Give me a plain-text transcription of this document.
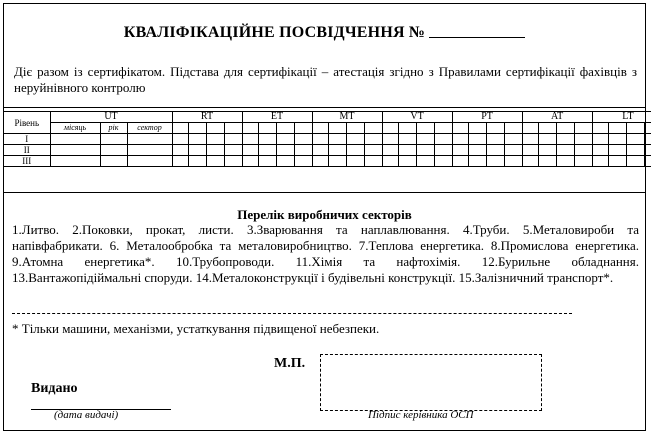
КВАЛІФІКАЦІЙНЕ ПОСВІДЧЕННЯ №
Діє разом із сертифікатом. Підстава для сертифікації – атестація згідно з Правилами сертифікації фахівців з неруйнівного контролю
Рівень	UT			RT				ET				MT				VT				PT				AT				LT			
	місяць	рік	сектор																												
I																															
II																															
III																															
Перелік виробничих секторів
1.Литво. 2.Поковки, прокат, листи. 3.Зварювання та наплавлювання. 4.Труби. 5.Металовироби та напівфабрикати. 6. Металообробка та металовиробництво. 7.Теплова енергетика. 8.Промислова енергетика. 9.Атомна енергетика*. 10.Трубопроводи. 11.Хімія та нафтохімія. 12.Бурильне обладнання. 13.Вантажопідіймальні споруди. 14.Металоконструкції і будівельні конструкції. 15.Залізничний транспорт*.
* Тільки машини, механізми, устаткування підвищеної небезпеки.
М.П.
Видано
(дата видачі)	Підпис керівника ОСП
